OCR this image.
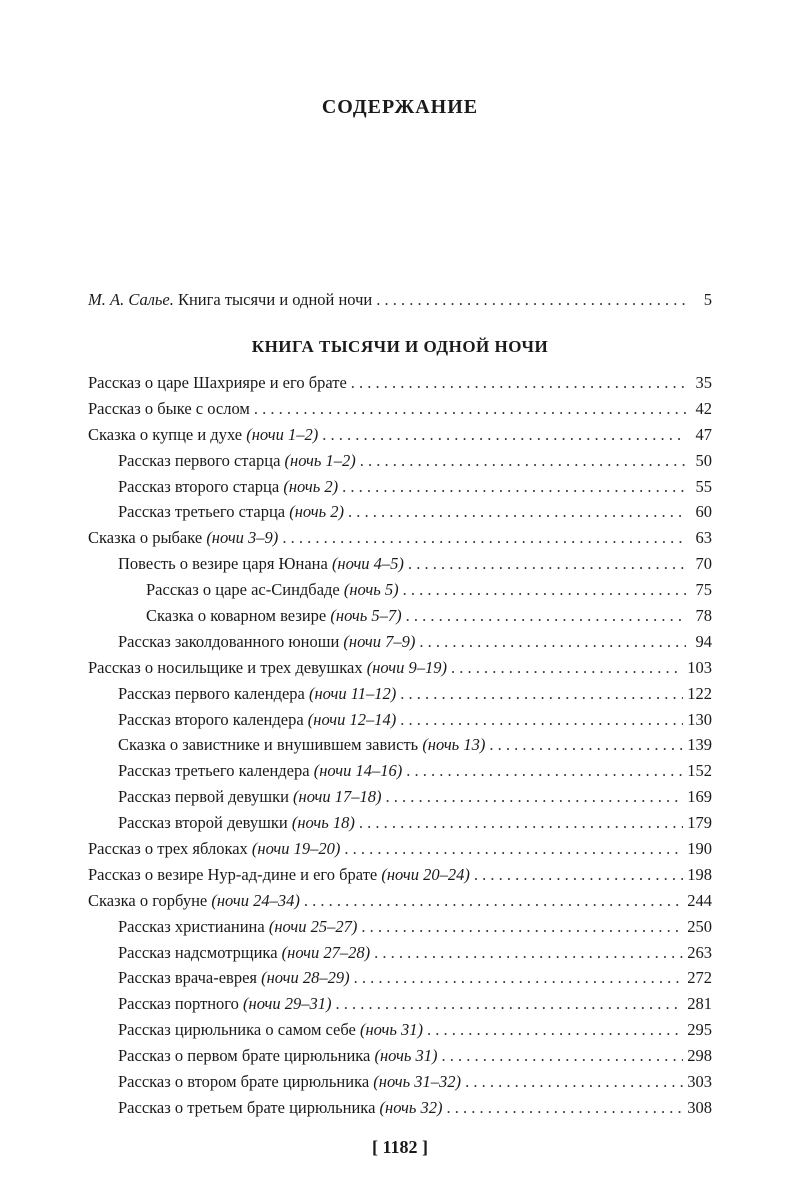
СОДЕРЖАНИЕ
М. А. Салье. Книга тысячи и одной ночи . . .	5
КНИГА ТЫСЯЧИ И ОДНОЙ НОЧИ
Рассказ о царе Шахрияре и его брате . . .	35
Рассказ о быке с ослом . . .	42
Сказка о купце и духе (ночи 1–2) . . .	47
Рассказ первого старца (ночь 1–2) . . .	50
Рассказ второго старца (ночь 2) . . .	55
Рассказ третьего старца (ночь 2) . . .	60
Сказка о рыбаке (ночи 3–9) . . .	63
Повесть о везире царя Юнана (ночи 4–5) . . .	70
Рассказ о царе ас-Синдбаде (ночь 5) . . .	75
Сказка о коварном везире (ночь 5–7) . . .	78
Рассказ заколдованного юноши (ночи 7–9) . . .	94
Рассказ о носильщике и трех девушках (ночи 9–19) . . .	103
Рассказ первого календера (ночи 11–12) . . .	122
Рассказ второго календера (ночи 12–14) . . .	130
Сказка о завистнике и внушившем зависть (ночь 13) . . .	139
Рассказ третьего календера (ночи 14–16) . . .	152
Рассказ первой девушки (ночи 17–18) . . .	169
Рассказ второй девушки (ночь 18) . . .	179
Рассказ о трех яблоках (ночи 19–20) . . .	190
Рассказ о везире Нур-ад-дине и его брате (ночи 20–24) . . .	198
Сказка о горбуне (ночи 24–34) . . .	244
Рассказ христианина (ночи 25–27) . . .	250
Рассказ надсмотрщика (ночи 27–28) . . .	263
Рассказ врача-еврея (ночи 28–29) . . .	272
Рассказ портного (ночи 29–31) . . .	281
Рассказ цирюльника о самом себе (ночь 31) . . .	295
Рассказ о первом брате цирюльника (ночь 31) . . .	298
Рассказ о втором брате цирюльника (ночь 31–32) . . .	303
Рассказ о третьем брате цирюльника (ночь 32) . . .	308
[ 1182 ]
